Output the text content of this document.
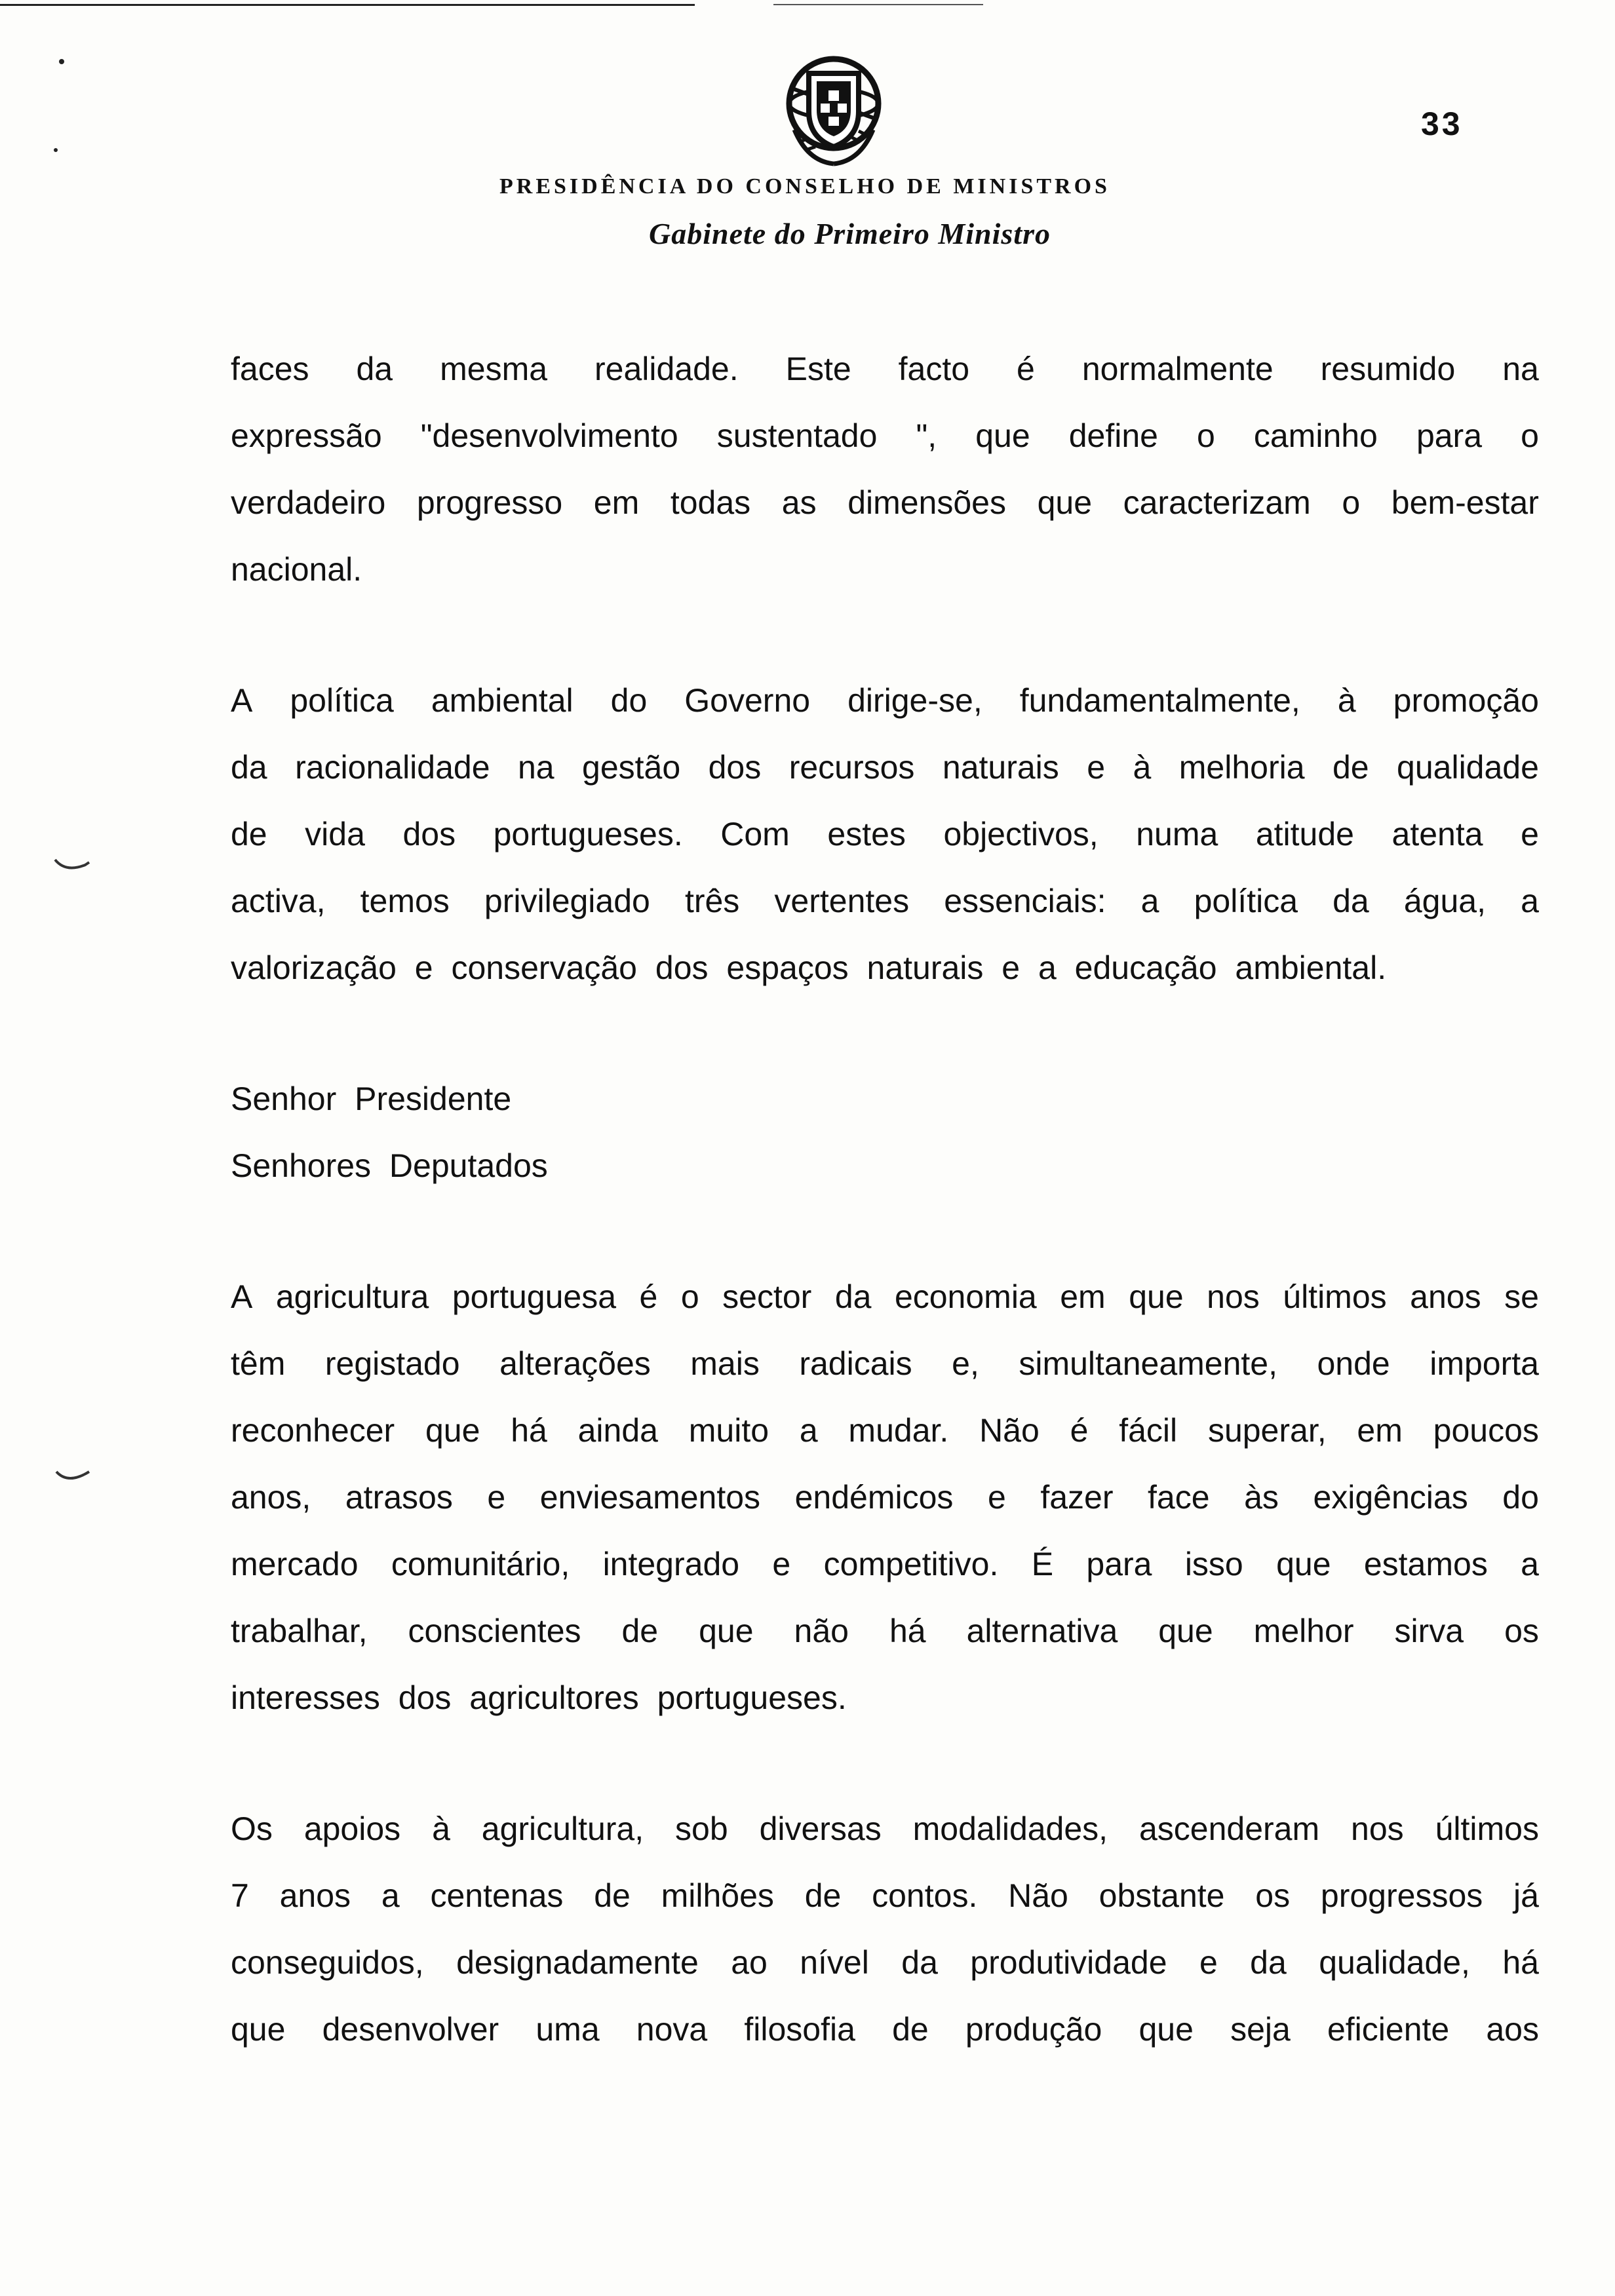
33
PRESIDÊNCIA DO CONSELHO DE MINISTROS
Gabinete do Primeiro Ministro
faces da mesma realidade. Este facto é normalmente resumido na
expressão "desenvolvimento sustentado ", que define o caminho para o
verdadeiro progresso em todas as dimensões que caracterizam o bem-estar
nacional.
A política ambiental do Governo dirige-se, fundamentalmente, à promoção
da racionalidade na gestão dos recursos naturais e à melhoria de qualidade
de vida dos portugueses. Com estes objectivos, numa atitude atenta e
activa, temos privilegiado três vertentes essenciais: a política da água, a
valorização e conservação dos espaços naturais e a educação ambiental.
Senhor Presidente
Senhores Deputados
A agricultura portuguesa é o sector da economia em que nos últimos anos se
têm registado alterações mais radicais e, simultaneamente, onde importa
reconhecer que há ainda muito a mudar. Não é fácil superar, em poucos
anos, atrasos e enviesamentos endémicos e fazer face às exigências do
mercado comunitário, integrado e competitivo. É para isso que estamos a
trabalhar, conscientes de que não há alternativa que melhor sirva os
interesses dos agricultores portugueses.
Os apoios à agricultura, sob diversas modalidades, ascenderam nos últimos
7 anos a centenas de milhões de contos. Não obstante os progressos já
conseguidos, designadamente ao nível da produtividade e da qualidade, há
que desenvolver uma nova filosofia de produção que seja eficiente aos
